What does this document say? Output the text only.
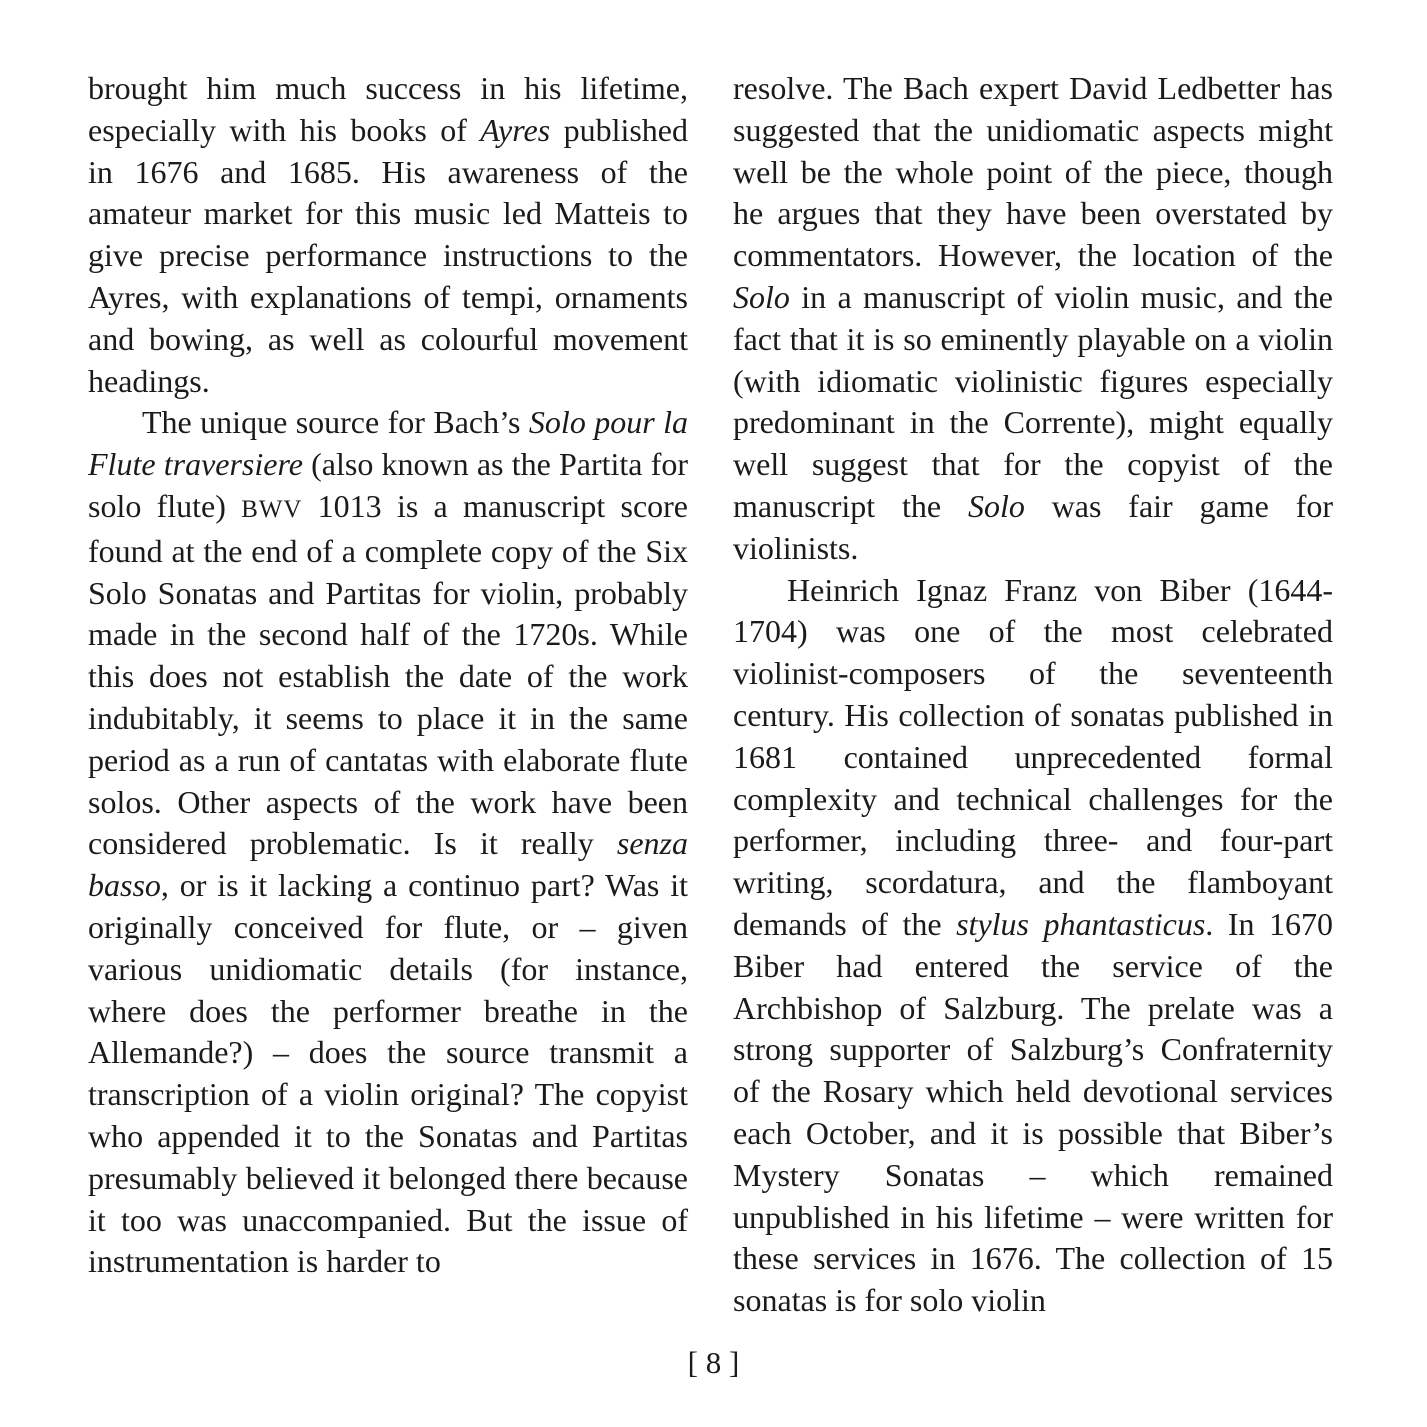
brought him much success in his lifetime, especially with his books of Ayres published in 1676 and 1685. His awareness of the amateur market for this music led Matteis to give precise performance instructions to the Ayres, with explanations of tempi, ornaments and bowing, as well as colourful movement headings.

The unique source for Bach’s Solo pour la Flute traversiere (also known as the Partita for solo flute) BWV 1013 is a manuscript score found at the end of a complete copy of the Six Solo Sonatas and Partitas for violin, probably made in the second half of the 1720s. While this does not establish the date of the work indubitably, it seems to place it in the same period as a run of cantatas with elaborate flute solos. Other aspects of the work have been considered problematic. Is it really senza basso, or is it lacking a continuo part? Was it originally conceived for flute, or – given various unidiomatic details (for instance, where does the performer breathe in the Allemande?) – does the source transmit a transcription of a violin original? The copyist who appended it to the Sonatas and Partitas presumably believed it belonged there because it too was unaccompanied. But the issue of instrumentation is harder to

resolve. The Bach expert David Ledbetter has suggested that the unidiomatic aspects might well be the whole point of the piece, though he argues that they have been overstated by commentators. However, the location of the Solo in a manuscript of violin music, and the fact that it is so eminently playable on a violin (with idiomatic violinistic figures especially predominant in the Corrente), might equally well suggest that for the copyist of the manuscript the Solo was fair game for violinists.

Heinrich Ignaz Franz von Biber (1644-1704) was one of the most celebrated violinist-composers of the seventeenth century. His collection of sonatas published in 1681 contained unprecedented formal complexity and technical challenges for the performer, including three- and four-part writing, scordatura, and the flamboyant demands of the stylus phantasticus. In 1670 Biber had entered the service of the Archbishop of Salzburg. The prelate was a strong supporter of Salzburg’s Confraternity of the Rosary which held devotional services each October, and it is possible that Biber’s Mystery Sonatas – which remained unpublished in his lifetime – were written for these services in 1676. The collection of 15 sonatas is for solo violin

[ 8 ]
